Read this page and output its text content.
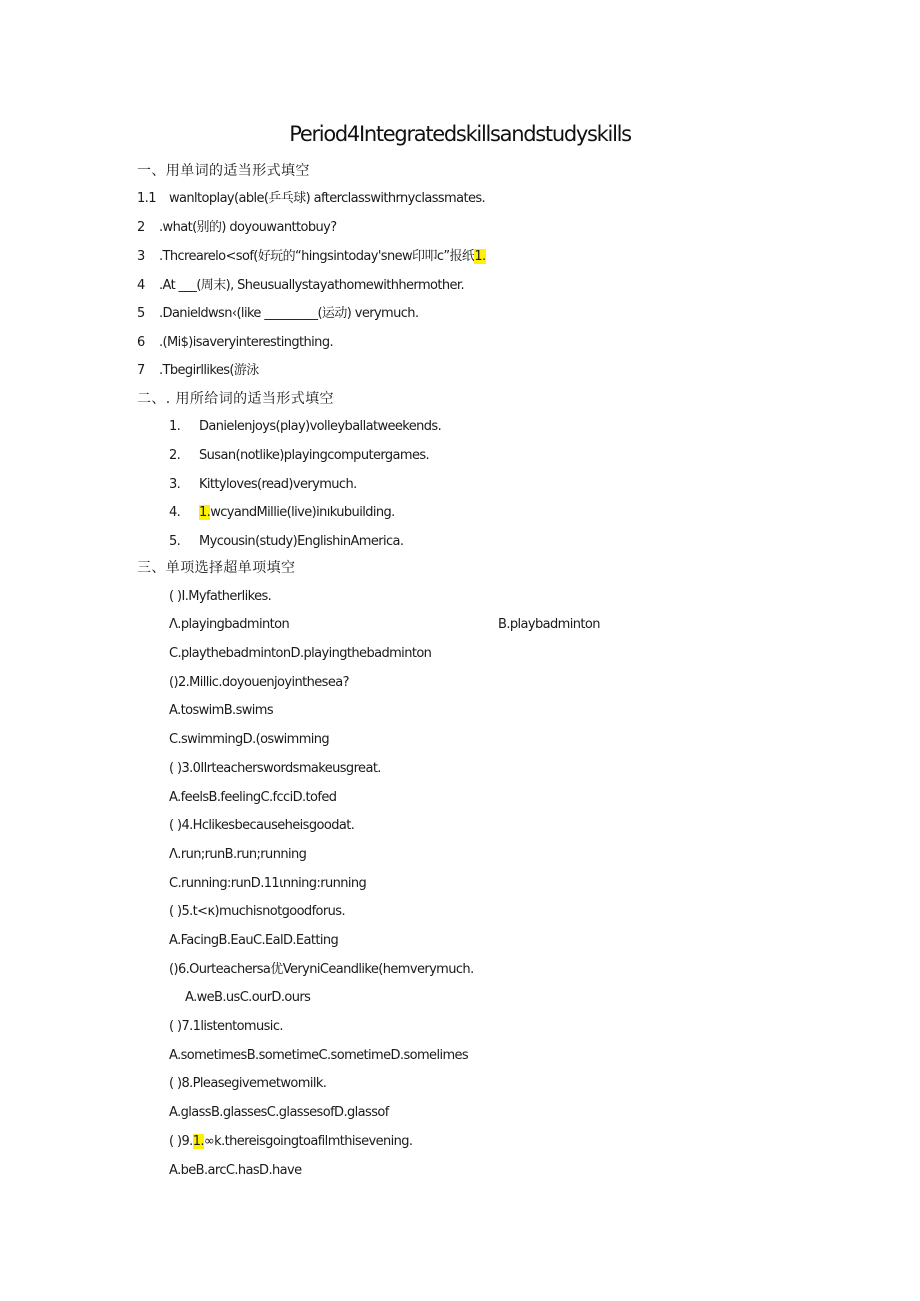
Period4Integratedskillsandstudyskills
一、用单词的适当形式填空
1.1 wanltoplay(able(乒乓球) afterclasswithrnyclassmates.
2 .what(别的) doyouwanttobuy?
3 .Thcrearelo<sof(好玩的“hingsintoday'snew印叩c”报纸1.
4 .At ___(周末), Sheusuallystayathomewithhermother.
5 .Danieldwsn‹(like _________(运动) verymuch.
6 .(Mi$)isaveryinterestingthing.
7 .Tbegirllikes(游泳
二、. 用所给词的适当形式填空
1. Danielenjoys(play)volleyballatweekends.
2. Susan(notlike)playingcomputergames.
3. Kittyloves(read)verymuch.
4. 1.wcyandMillie(live)inıkubuilding.
5. Mycousin(study)EnglishinAmerica.
三、单项选择超单项填空
( )I.Myfatherlikes.
Λ.playingbadminton	B.playbadminton
C.playthebadmintonD.playingthebadminton
()2.Millic.doyouenjoyinthesea?
A.toswimB.swims
C.swimmingD.(oswimming
( )3.0Ilrteacherswordsmakeusgreat.
A.feelsB.feelingC.fcciD.tofed
( )4.Hclikesbecauseheisgoodat.
Λ.run;runB.run;running
C.running:runD.11ιnning:running
( )5.t<κ)muchisnotgoodforus.
A.FacingB.EauC.EalD.Eatting
()6.Ourteachersa优VeryniCeandlike(hemverymuch.
A.weB.usC.ourD.ours
( )7.1listentomusic.
A.sometimesB.sometimeC.sometimeD.somelimes
( )8.Pleasegivemetwomilk.
A.glassB.glassesC.glassesofD.glassof
( )9.1.∞k.thereisgoingtoafilmthisevening.
A.beB.arcC.hasD.have
